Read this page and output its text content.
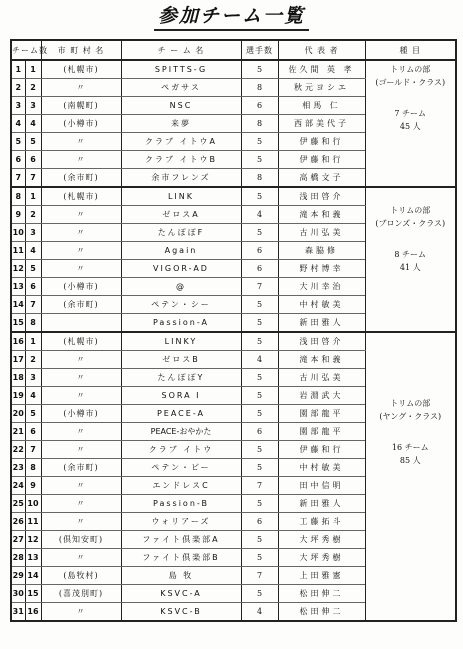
参加チーム一覧
チーム数		市 町 村 名	チ ー ム 名	選手数	代 表 者	種 目
1	1	(札幌市)	SPITTS-G	5	佐久間 英 孝	トリムの部
(ゴールド・クラス)
7 チーム
45 人

2	2	〃	ペガサス	8	秋元ヨシエ	
3	3	(南幌町)	NSC	6	相馬 仁	
4	4	(小樽市)	来夢	8	西部美代子	
5	5	〃	クラブ イトウA	5	伊藤和行	
6	6	〃	クラブ イトウB	5	伊藤和行	
7	7	(余市町)	余市フレンズ	8	高橋文子	
8	1	(札幌市)	LINK	5	浅田啓介	トリムの部
(ブロンズ・クラス)
8 チーム
41 人

9	2	〃	ゼロスA	4	滝本和義	
10	3	〃	たんぽぽF	5	古川弘美	
11	4	〃	Again	6	森脇修	
12	5	〃	VIGOR-AD	6	野村博幸	
13	6	(小樽市)	@	7	大川幸治	
14	7	(余市町)	ペテン・シー	5	中村敏美	
15	8		Passion-A	5	新田雅人	
16	1	(札幌市)	LINKY	5	浅田啓介	トリムの部
(ヤング・クラス)
16 チーム
85 人

17	2	〃	ゼロスB	4	滝本和義	
18	3	〃	たんぽぽY	5	古川弘美	
19	4	〃	SORA I	5	岩淵武大	
20	5	(小樽市)	PEACE-A	5	園部龍平	
21	6	〃	PEACE-おやかた	6	園部龍平	
22	7	〃	クラブ イトウ	5	伊藤和行	
23	8	(余市町)	ペテン・ビー	5	中村敏美	
24	9	〃	エンドレスC	7	田中信明	
25	10	〃	Passion-B	5	新田雅人	
26	11	〃	ウォリアーズ	6	工藤拓斗	
27	12	(倶知安町)	ファイト倶楽部A	5	大坪秀樹	
28	13	〃	ファイト倶楽部B	5	大坪秀樹	
29	14	(島牧村)	島 牧	7	上田雅憲	
30	15	(喜茂別町)	KSVC-A	5	松田伸二	
31	16	〃	KSVC-B	4	松田伸二	
